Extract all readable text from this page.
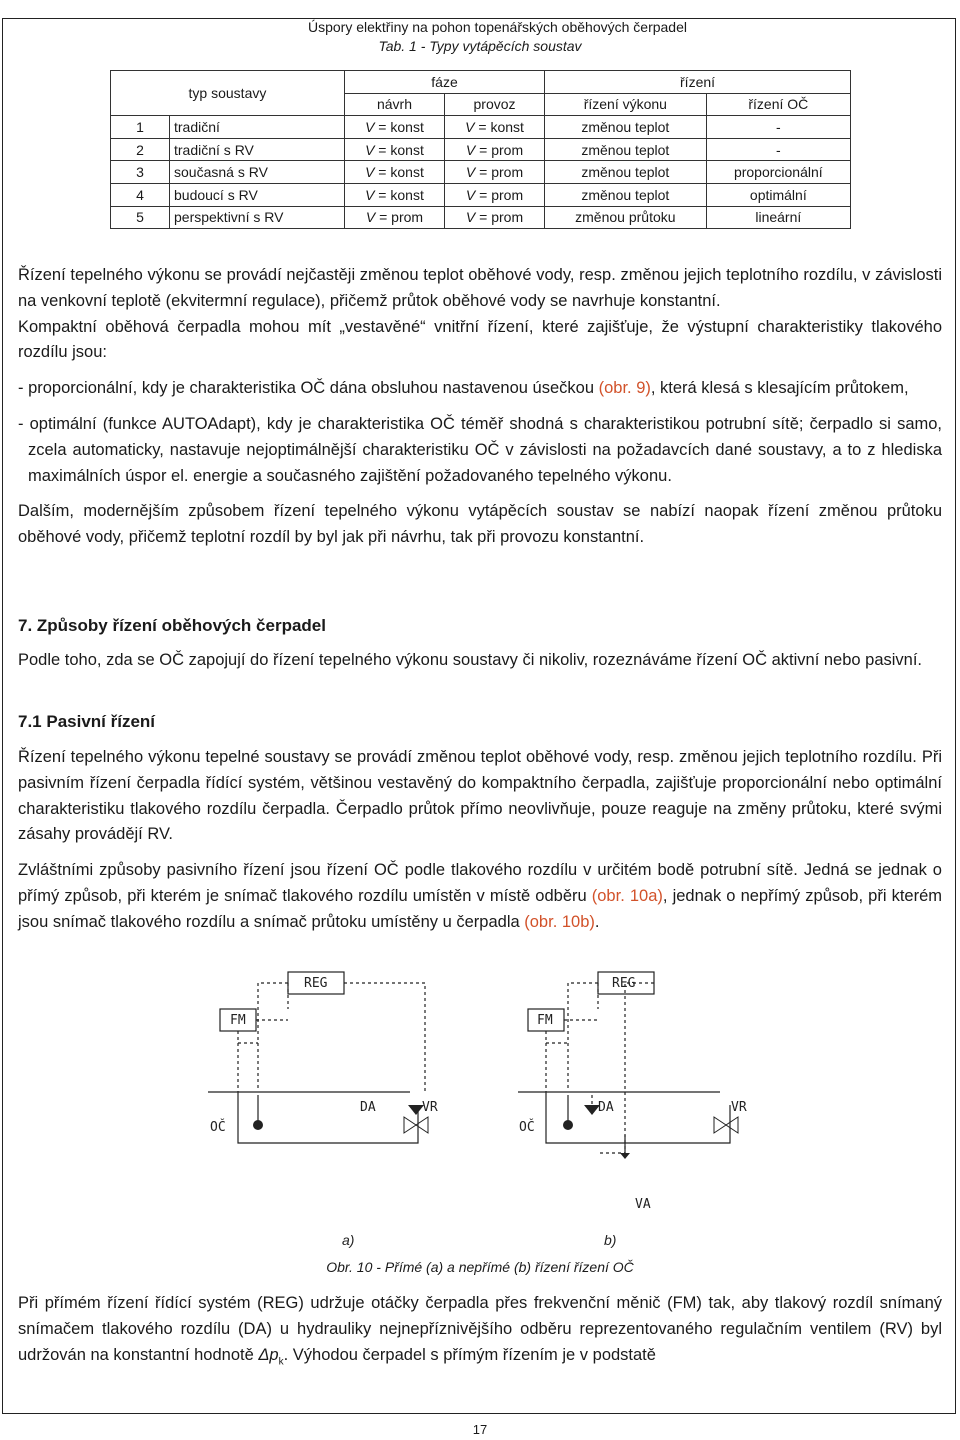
Úspory elektřiny na pohon topenářských oběhových čerpadel
Tab. 1 - Typy vytápěcích soustav
typ soustavy		fáze		řízení	
		návrh	provoz	řízení výkonu	řízení OČ
1	tradiční	V = konst	V = konst	změnou teplot	-
2	tradiční s RV	V = konst	V = prom	změnou teplot	-
3	současná s RV	V = konst	V = prom	změnou teplot	proporcionální
4	budoucí s RV	V = konst	V = prom	změnou teplot	optimální
5	perspektivní s RV	V = prom	V = prom	změnou průtoku	lineární

Řízení tepelného výkonu se provádí nejčastěji změnou teplot oběhové vody, resp. změnou jejich teplotního rozdílu, v závislosti na venkovní teplotě (ekvitermní regulace), přičemž průtok oběhové vody se navrhuje konstantní.

Kompaktní oběhová čerpadla mohou mít „vestavěné“ vnitřní řízení, které zajišťuje, že výstupní charakteristiky tlakového rozdílu jsou:

- proporcionální, kdy je charakteristika OČ dána obsluhou nastavenou úsečkou (obr. 9), která klesá s klesajícím průtokem,

- optimální (funkce AUTOAdapt), kdy je charakteristika OČ téměř shodná s charakteristikou potrubní sítě; čerpadlo si samo, zcela automaticky, nastavuje nejoptimálnější charakteristiku OČ v závislosti na požadavcích dané soustavy, a to z hlediska maximálních úspor el. energie a současného zajištění požadovaného tepelného výkonu.

Dalším, modernějším způsobem řízení tepelného výkonu vytápěcích soustav se nabízí naopak řízení změnou průtoku oběhové vody, přičemž teplotní rozdíl by byl jak při návrhu, tak při provozu konstantní.

7. Způsoby řízení oběhových čerpadel
Podle toho, zda se OČ zapojují do řízení tepelného výkonu soustavy či nikoliv, rozeznáváme řízení OČ aktivní nebo pasivní.
7.1 Pasivní řízení

Řízení tepelného výkonu tepelné soustavy se provádí změnou teplot oběhové vody, resp. změnou jejich teplotního rozdílu. Při pasivním řízení čerpadla řídící systém, většinou vestavěný do kompaktního čerpadla, zajišťuje proporcionální nebo optimální charakteristiku tlakového rozdílu čerpadla. Čerpadlo průtok přímo neovlivňuje, pouze reaguje na změny průtoku, které svými zásahy provádějí RV.

Zvláštními způsoby pasivního řízení jsou řízení OČ podle tlakového rozdílu v určitém bodě potrubní sítě. Jedná se jednak o přímý způsob, při kterém je snímač tlakového rozdílu umístěn v místě odběru (obr. 10a), jednak o nepřímý způsob, při kterém jsou snímač tlakového rozdílu a snímač průtoku umístěny u čerpadla (obr. 10b).

REG
FM
OČ
DA	VR
REG
FM
OČ
DA	VR
VA
a)	b)
Obr. 10 - Přímé (a) a nepřímé (b) řízení řízení OČ
Při přímém řízení řídící systém (REG) udržuje otáčky čerpadla přes frekvenční měnič (FM) tak, aby tlakový rozdíl snímaný snímačem tlakového rozdílu (DA) u hydrauliky nejnepříznivějšího odběru reprezentovaného regulačním ventilem (RV) byl udržován na konstantní hodnotě $\Delta p_k$. Výhodou čerpadel s přímým řízením je v podstatě
17
